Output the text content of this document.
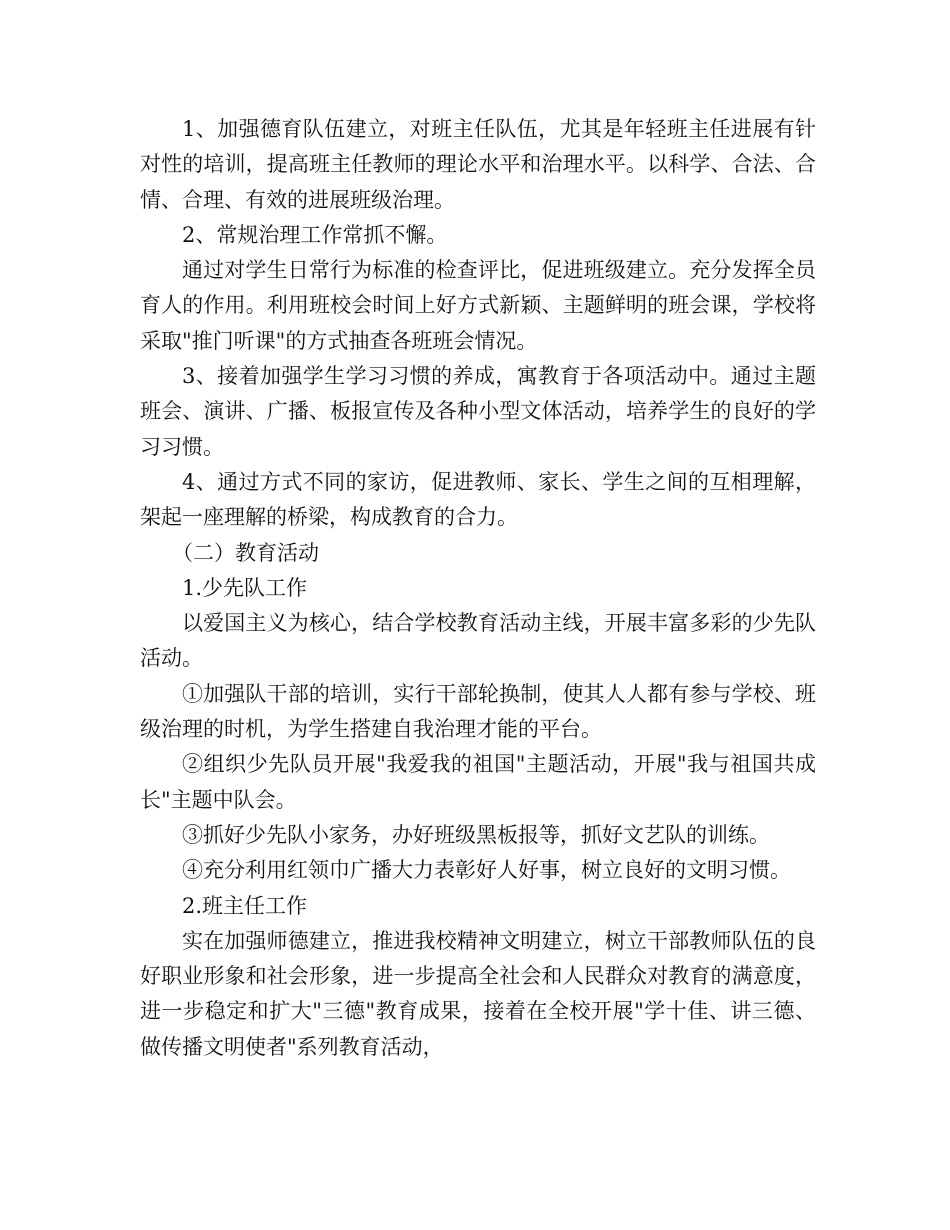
1、加强德育队伍建立，对班主任队伍，尤其是年轻班主任进展有针对性的培训，提高班主任教师的理论水平和治理水平。以科学、合法、合情、合理、有效的进展班级治理。

2、常规治理工作常抓不懈。

通过对学生日常行为标准的检查评比，促进班级建立。充分发挥全员育人的作用。利用班校会时间上好方式新颖、主题鲜明的班会课，学校将采取"推门听课"的方式抽查各班班会情况。

3、接着加强学生学习习惯的养成，寓教育于各项活动中。通过主题班会、演讲、广播、板报宣传及各种小型文体活动，培养学生的良好的学习习惯。

4、通过方式不同的家访，促进教师、家长、学生之间的互相理解，架起一座理解的桥梁，构成教育的合力。

（二）教育活动

1.少先队工作

以爱国主义为核心，结合学校教育活动主线，开展丰富多彩的少先队活动。

①加强队干部的培训，实行干部轮换制，使其人人都有参与学校、班级治理的时机，为学生搭建自我治理才能的平台。

②组织少先队员开展"我爱我的祖国"主题活动，开展"我与祖国共成长"主题中队会。

③抓好少先队小家务，办好班级黑板报等，抓好文艺队的训练。

④充分利用红领巾广播大力表彰好人好事，树立良好的文明习惯。

2.班主任工作

实在加强师德建立，推进我校精神文明建立，树立干部教师队伍的良好职业形象和社会形象，进一步提高全社会和人民群众对教育的满意度，进一步稳定和扩大"三德"教育成果，接着在全校开展"学十佳、讲三德、做传播文明使者"系列教育活动，
